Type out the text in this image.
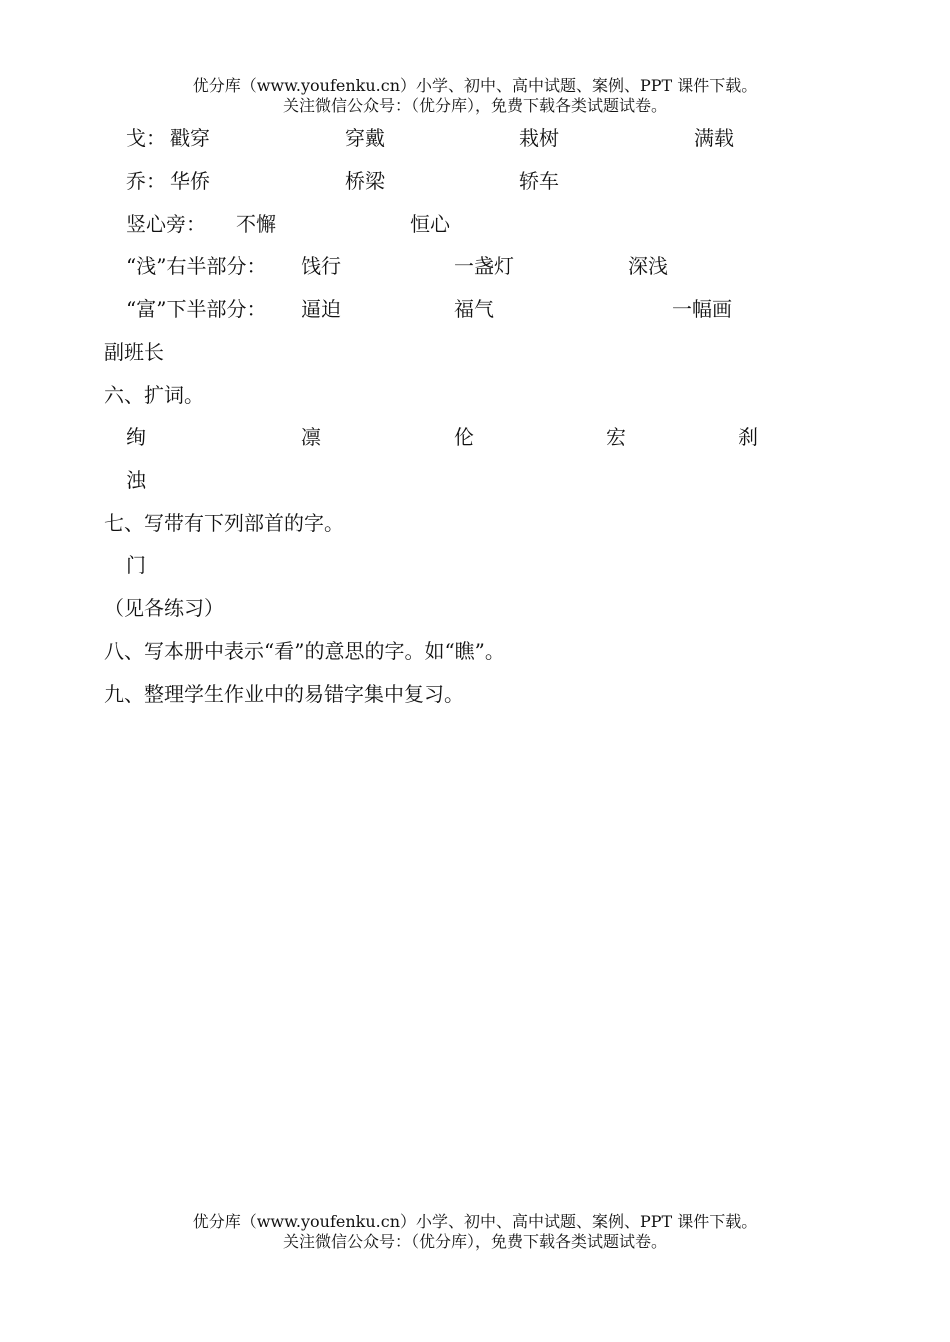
优分库（www.youfenku.cn）小学、初中、高中试题、案例、PPT 课件下载。
关注微信公众号：（优分库），免费下载各类试题试卷。
戈： 戳穿	穿戴	栽树	满载
乔： 华侨	桥梁	轿车
竖心旁： 不懈	恒心
“浅”右半部分： 饯行	一盏灯	深浅
“富”下半部分： 逼迫	福气	一幅画
副班长
六、扩词。
绚	凛	伦	宏	刹
浊
七、写带有下列部首的字。
门
（见各练习）
八、写本册中表示“看”的意思的字。如“瞧”。
九、整理学生作业中的易错字集中复习。
优分库（www.youfenku.cn）小学、初中、高中试题、案例、PPT 课件下载。
关注微信公众号：（优分库），免费下载各类试题试卷。
